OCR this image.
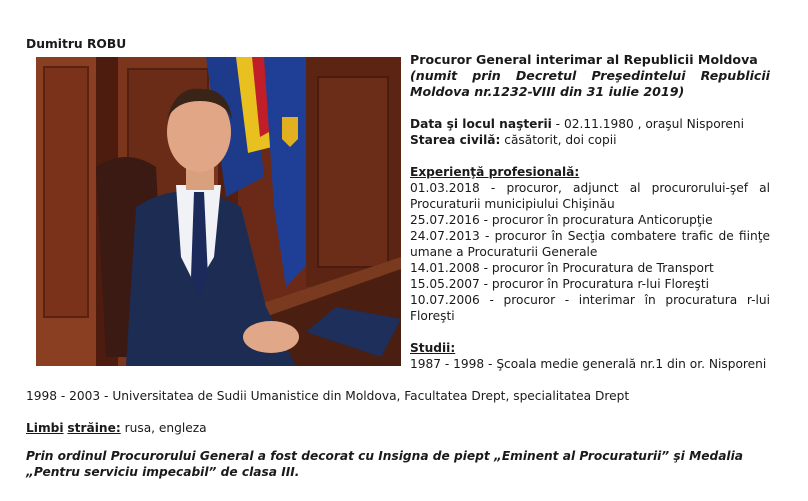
Dumitru ROBU
Procuror General interimar al Republicii Moldova
(numit prin Decretul Preşedintelui Republicii Moldova nr.1232-VIII din 31 iulie 2019)
Data şi locul naşterii - 02.11.1980 , oraşul Nisporeni
Starea civilă: căsătorit, doi copii
Experienţă profesională:
01.03.2018 - procuror, adjunct al procurorului-şef al Procuraturii municipiului Chişinău
25.07.2016 - procuror în procuratura Anticorupţie
24.07.2013 - procuror în Secţia combatere trafic de fiinţe umane a Procuraturii Generale
14.01.2008 - procuror în Procuratura de Transport
15.05.2007 - procuror în Procuratura r-lui Floreşti
10.07.2006 - procuror - interimar în procuratura r-lui Floreşti
Studii:
1987 - 1998 - Şcoala medie generală nr.1 din or. Nisporeni
1998 - 2003 - Universitatea de Sudii Umanistice din Moldova, Facultatea Drept, specialitatea Drept
Limbi străine: rusa, engleza
Prin ordinul Procurorului General a fost decorat cu Insigna de piept „Eminent al Procuraturii” şi Medalia „Pentru serviciu impecabil” de clasa III.
